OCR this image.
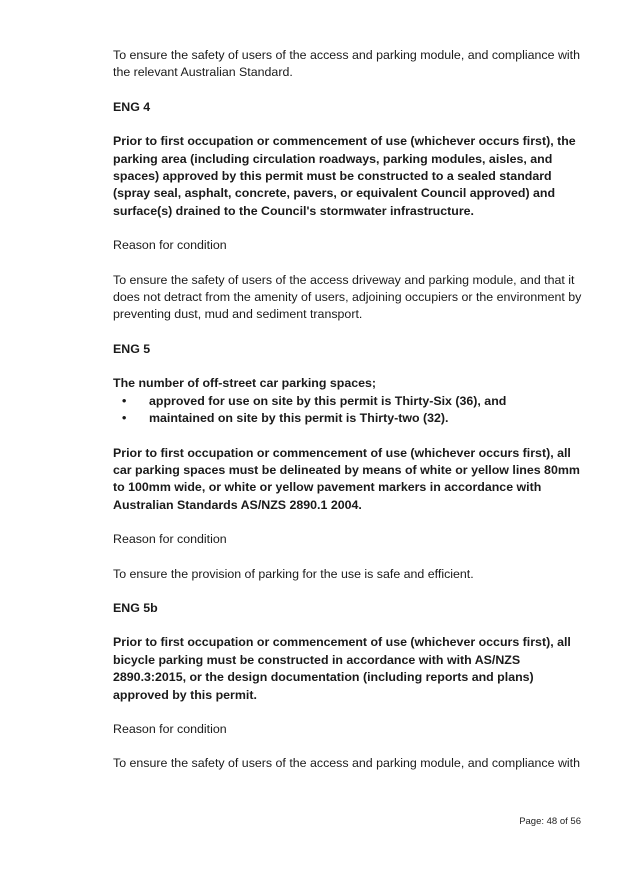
To ensure the safety of users of the access and parking module, and compliance with the relevant Australian Standard.

ENG 4

Prior to first occupation or commencement of use (whichever occurs first), the parking area (including circulation roadways, parking modules, aisles, and spaces) approved by this permit must be constructed to a sealed standard (spray seal, asphalt, concrete, pavers, or equivalent Council approved) and surface(s) drained to the Council's stormwater infrastructure.

Reason for condition

To ensure the safety of users of the access driveway and parking module, and that it does not detract from the amenity of users, adjoining occupiers or the environment by preventing dust, mud and sediment transport.

ENG 5

The number of off-street car parking spaces;

• approved for use on site by this permit is Thirty-Six (36), and
• maintained on site by this permit is Thirty-two (32).

Prior to first occupation or commencement of use (whichever occurs first), all car parking spaces must be delineated by means of white or yellow lines 80mm to 100mm wide, or white or yellow pavement markers in accordance with Australian Standards AS/NZS 2890.1 2004.

Reason for condition

To ensure the provision of parking for the use is safe and efficient.

ENG 5b

Prior to first occupation or commencement of use (whichever occurs first), all bicycle parking must be constructed in accordance with with AS/NZS 2890.3:2015, or the design documentation (including reports and plans) approved by this permit.

Reason for condition

To ensure the safety of users of the access and parking module, and compliance with

Page: 48 of 56
